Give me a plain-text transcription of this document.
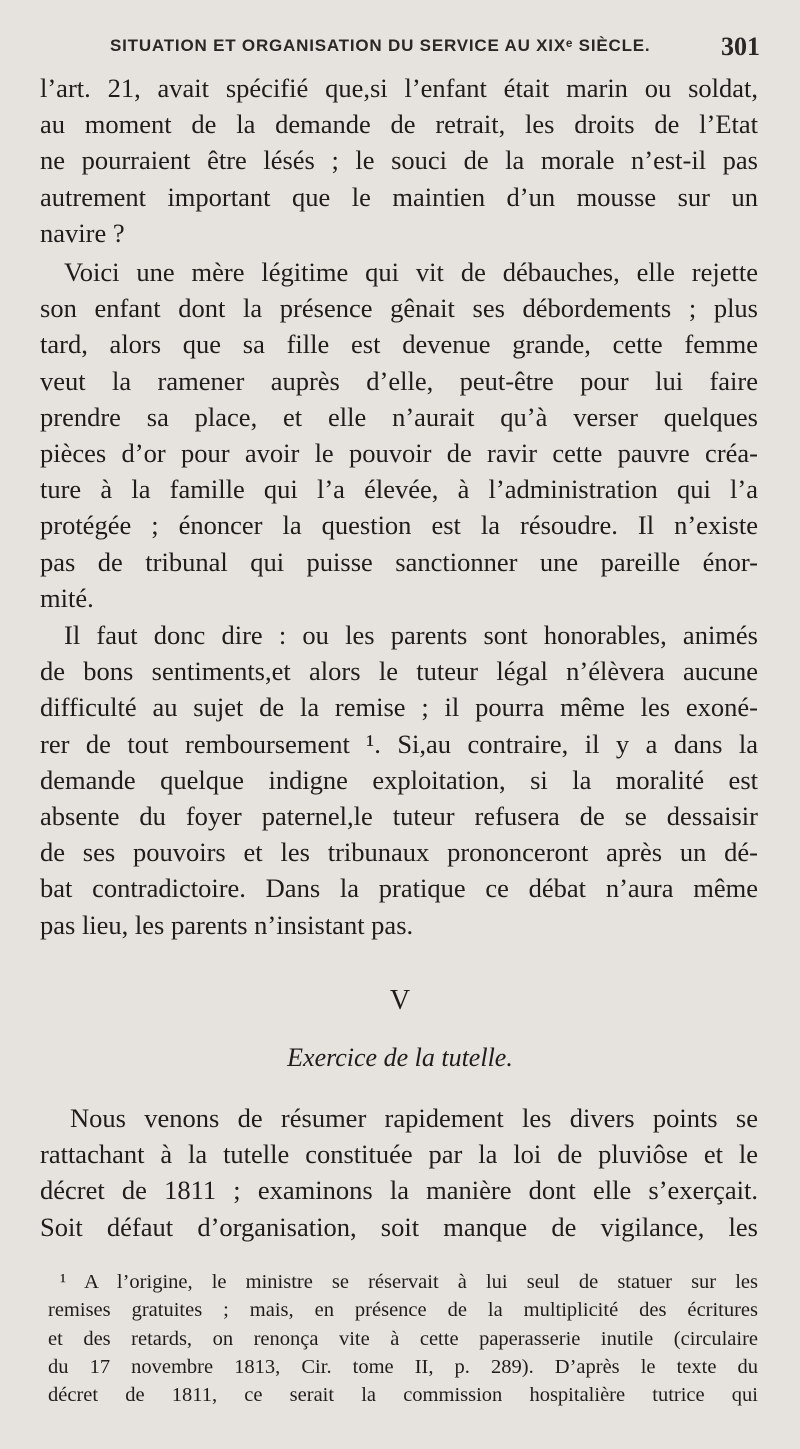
SITUATION ET ORGANISATION DU SERVICE AU XIXᵉ SIÈCLE.	301
l’art. 21, avait spécifié que,si l’enfant était marin ou soldat,
au moment de la demande de retrait, les droits de l’Etat
ne pourraient être lésés ; le souci de la morale n’est-il pas
autrement important que le maintien d’un mousse sur un
navire ?
Voici une mère légitime qui vit de débauches, elle rejette
son enfant dont la présence gênait ses débordements ; plus
tard, alors que sa fille est devenue grande, cette femme
veut la ramener auprès d’elle, peut-être pour lui faire
prendre sa place, et elle n’aurait qu’à verser quelques
pièces d’or pour avoir le pouvoir de ravir cette pauvre créa-
ture à la famille qui l’a élevée, à l’administration qui l’a
protégée ; énoncer la question est la résoudre. Il n’existe
pas de tribunal qui puisse sanctionner une pareille énor-
mité.
Il faut donc dire : ou les parents sont honorables, animés
de bons sentiments,et alors le tuteur légal n’élèvera aucune
difficulté au sujet de la remise ; il pourra même les exoné-
rer de tout remboursement ¹. Si,au contraire, il y a dans la
demande quelque indigne exploitation, si la moralité est
absente du foyer paternel,le tuteur refusera de se dessaisir
de ses pouvoirs et les tribunaux prononceront après un dé-
bat contradictoire. Dans la pratique ce débat n’aura même
pas lieu, les parents n’insistant pas.
V
Exercice de la tutelle.
Nous venons de résumer rapidement les divers points se
rattachant à la tutelle constituée par la loi de pluviôse et le
décret de 1811 ; examinons la manière dont elle s’exerçait.
Soit défaut d’organisation, soit manque de vigilance, les
¹ A l’origine, le ministre se réservait à lui seul de statuer sur les
remises gratuites ; mais, en présence de la multiplicité des écritures
et des retards, on renonça vite à cette paperasserie inutile (circulaire
du 17 novembre 1813, Cir. tome II, p. 289). D’après le texte du
décret de 1811, ce serait la commission hospitalière tutrice qui
